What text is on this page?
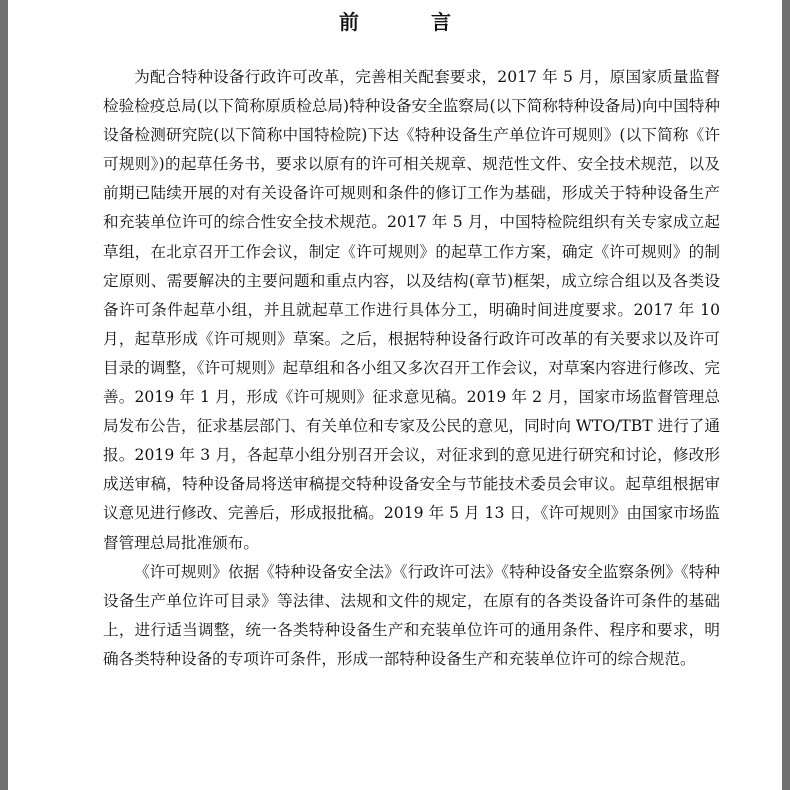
前　言

为配合特种设备行政许可改革，完善相关配套要求，2017 年 5 月，原国家质量监督检验检疫总局(以下简称原质检总局)特种设备安全监察局(以下简称特种设备局)向中国特种设备检测研究院(以下简称中国特检院)下达《特种设备生产单位许可规则》(以下简称《许可规则》)的起草任务书，要求以原有的许可相关规章、规范性文件、安全技术规范，以及前期已陆续开展的对有关设备许可规则和条件的修订工作为基础，形成关于特种设备生产和充装单位许可的综合性安全技术规范。2017 年 5 月，中国特检院组织有关专家成立起草组，在北京召开工作会议，制定《许可规则》的起草工作方案，确定《许可规则》的制定原则、需要解决的主要问题和重点内容，以及结构(章节)框架，成立综合组以及各类设备许可条件起草小组，并且就起草工作进行具体分工，明确时间进度要求。2017 年 10 月，起草形成《许可规则》草案。之后，根据特种设备行政许可改革的有关要求以及许可目录的调整，《许可规则》起草组和各小组又多次召开工作会议，对草案内容进行修改、完善。2019 年 1 月，形成《许可规则》征求意见稿。2019 年 2 月，国家市场监督管理总局发布公告，征求基层部门、有关单位和专家及公民的意见，同时向 WTO/TBT 进行了通报。2019 年 3 月，各起草小组分别召开会议，对征求到的意见进行研究和讨论，修改形成送审稿，特种设备局将送审稿提交特种设备安全与节能技术委员会审议。起草组根据审议意见进行修改、完善后，形成报批稿。2019 年 5 月 13 日，《许可规则》由国家市场监督管理总局批准颁布。

《许可规则》依据《特种设备安全法》《行政许可法》《特种设备安全监察条例》《特种设备生产单位许可目录》等法律、法规和文件的规定，在原有的各类设备许可条件的基础上，进行适当调整，统一各类特种设备生产和充装单位许可的通用条件、程序和要求，明确各类特种设备的专项许可条件，形成一部特种设备生产和充装单位许可的综合规范。
